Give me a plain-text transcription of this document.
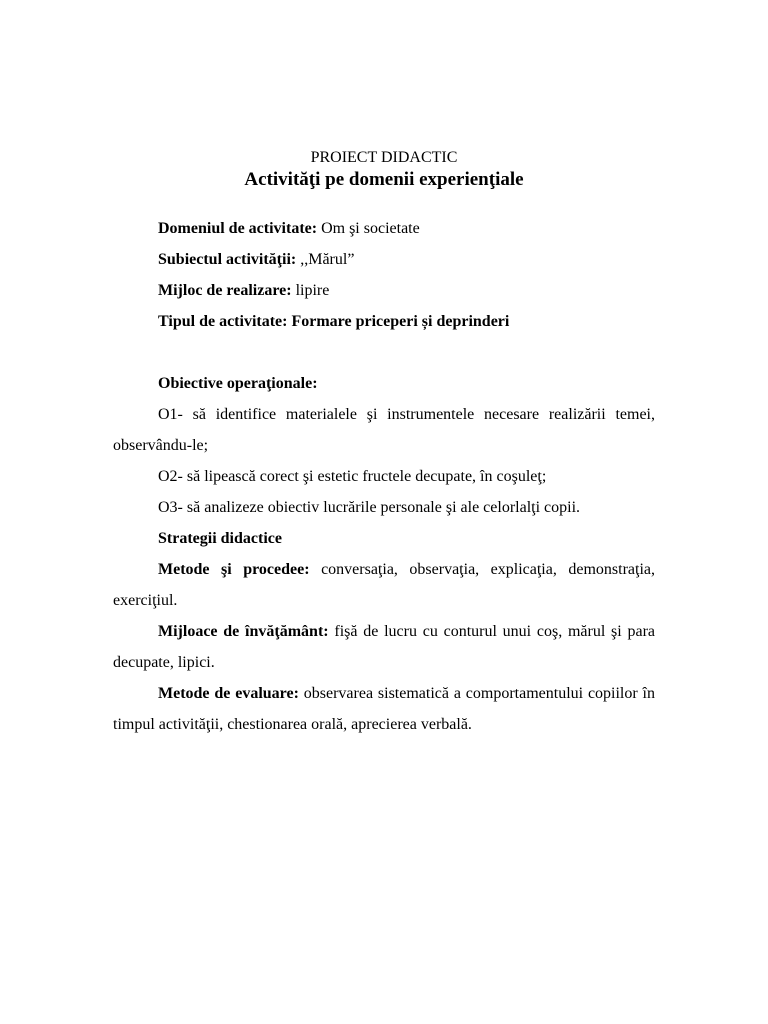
PROIECT DIDACTIC
Activităţi pe domenii experienţiale

Domeniul de activitate: Om şi societate

Subiectul activităţii: ,,Mărul”

Mijloc de realizare: lipire

Tipul de activitate: Formare priceperi și deprinderi

Obiective operaţionale:

O1- să identifice materialele şi instrumentele necesare realizării temei, observându-le;

O2- să lipească corect şi estetic fructele decupate, în coşuleţ;

O3- să analizeze obiectiv lucrările personale şi ale celorlalţi copii.

Strategii didactice

Metode şi procedee: conversaţia, observaţia, explicaţia, demonstraţia, exerciţiul.

Mijloace de învăţământ: fişă de lucru cu conturul unui coş, mărul şi para decupate, lipici.

Metode de evaluare: observarea sistematică a comportamentului copiilor în timpul activităţii, chestionarea orală, aprecierea verbală.
